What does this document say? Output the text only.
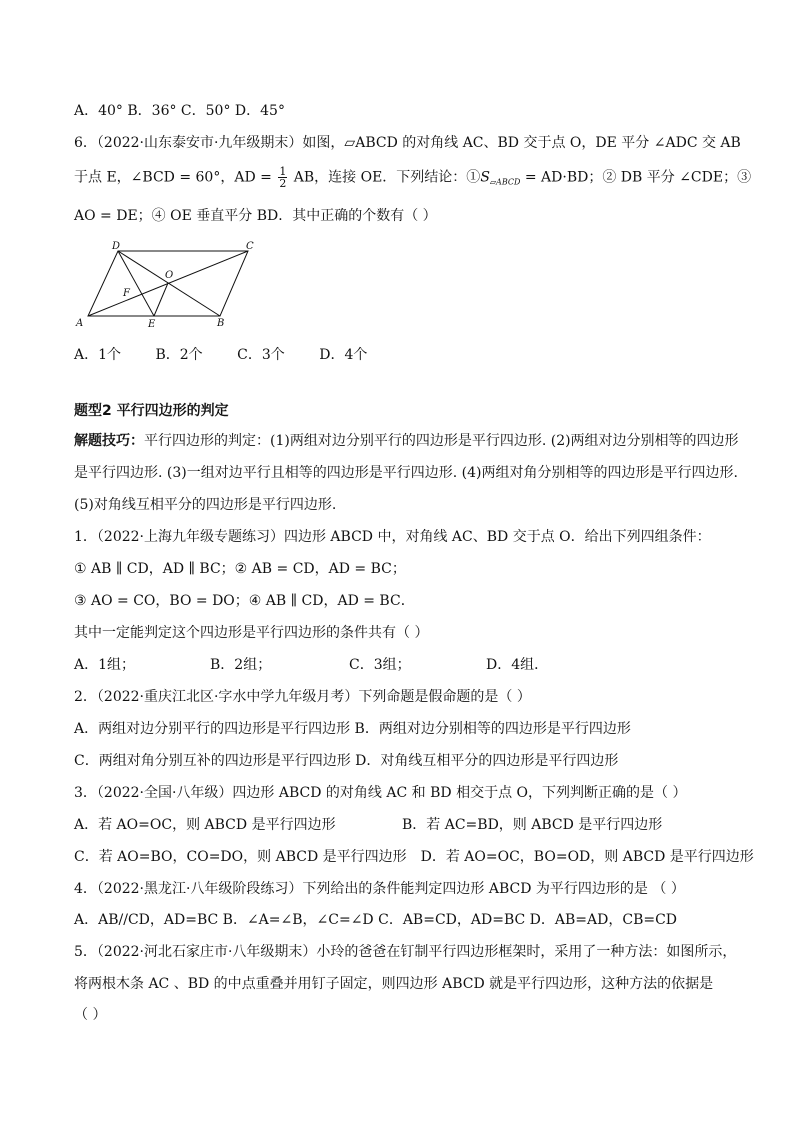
A．40° B．36° C．50° D．45°
6．（2022·山东泰安市·九年级期末）如图，▱ABCD 的对角线 AC、BD 交于点 O，DE 平分 ∠ADC 交 AB
于点 E，∠BCD = 60°，AD = $\frac{1}{2}$ AB，连接 OE．下列结论：$①S_{▱ABCD} = AD\cdot BD$；② DB 平分 ∠CDE；③
AO = DE；④ OE 垂直平分 BD．其中正确的个数有（ ）
D	C
O
F
A	E	B
A．1个 B．2个 C．3个 D．4个
题型2 平行四边形的判定
解题技巧：平行四边形的判定：(1)两组对边分别平行的四边形是平行四边形. (2)两组对边分别相等的四边形
是平行四边形. (3)一组对边平行且相等的四边形是平行四边形. (4)两组对角分别相等的四边形是平行四边形.
(5)对角线互相平分的四边形是平行四边形.
1．（2022·上海九年级专题练习）四边形 ABCD 中，对角线 AC、BD 交于点 O．给出下列四组条件：
① AB ∥ CD，AD ∥ BC；② AB = CD，AD = BC；
③ AO = CO，BO = DO；④ AB ∥ CD，AD = BC．
其中一定能判定这个四边形是平行四边形的条件共有（ ）
A．1组；	B．2组；	C．3组；	D．4组．
2．（2022·重庆江北区·字水中学九年级月考）下列命题是假命题的是（ ）
A．两组对边分别平行的四边形是平行四边形 B．两组对边分别相等的四边形是平行四边形
C．两组对角分别互补的四边形是平行四边形 D．对角线互相平分的四边形是平行四边形
3．（2022·全国·八年级）四边形 ABCD 的对角线 AC 和 BD 相交于点 O，下列判断正确的是（ ）
A．若 AO=OC，则 ABCD 是平行四边形	B．若 AC=BD，则 ABCD 是平行四边形
C．若 AO=BO，CO=DO，则 ABCD 是平行四边形 D．若 AO=OC，BO=OD，则 ABCD 是平行四边形
4．（2022·黑龙江·八年级阶段练习）下列给出的条件能判定四边形 ABCD 为平行四边形的是 （ ）
A．AB//CD，AD=BC B．∠A=∠B，∠C=∠D C．AB=CD，AD=BC D．AB=AD，CB=CD
5．（2022·河北石家庄市·八年级期末）小玲的爸爸在钉制平行四边形框架时，采用了一种方法：如图所示，
将两根木条 AC 、BD 的中点重叠并用钉子固定，则四边形 ABCD 就是平行四边形，这种方法的依据是
（ ）
